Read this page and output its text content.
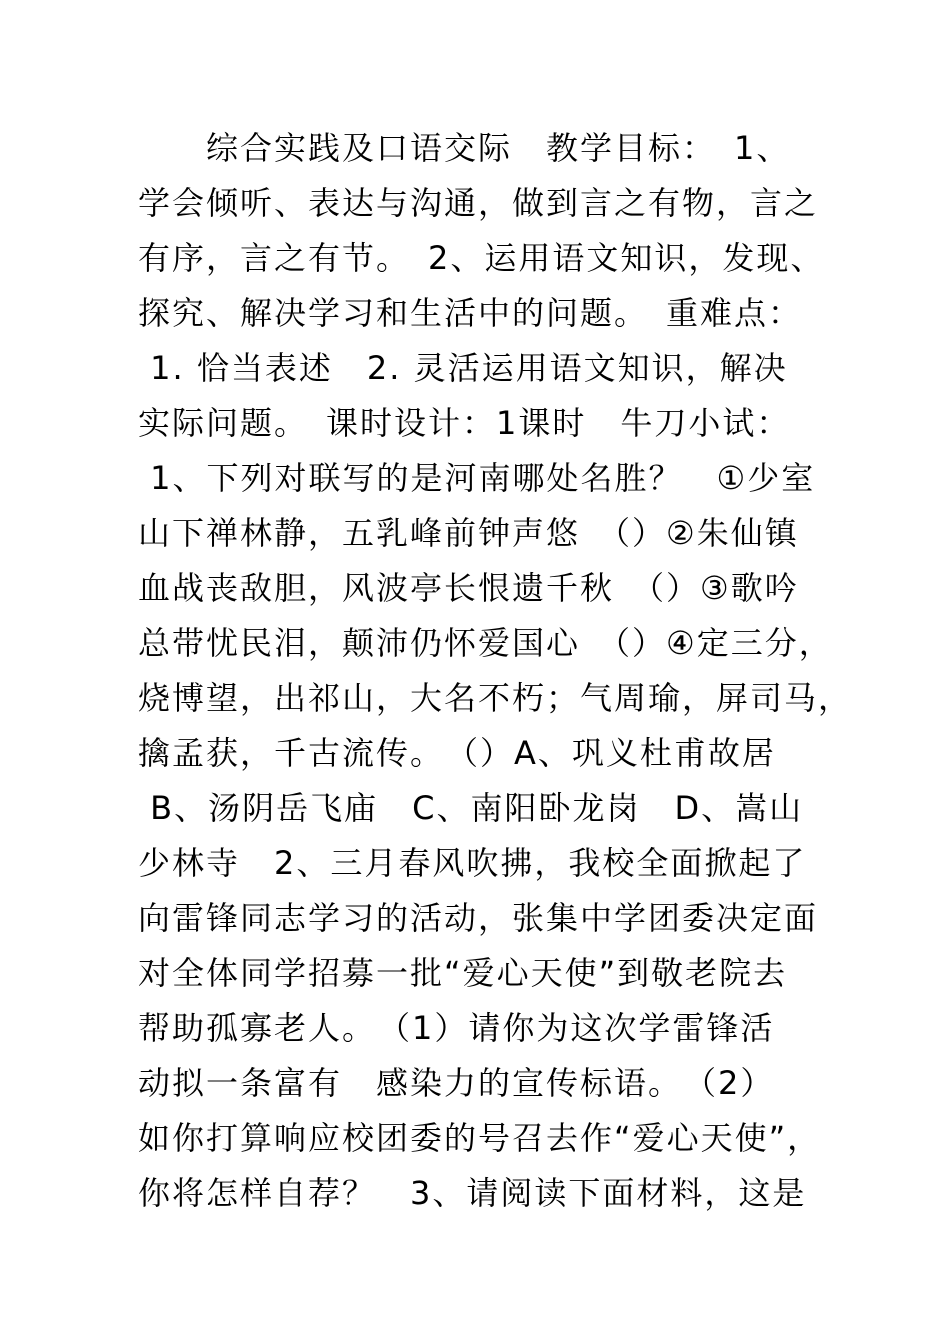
　　综合实践及口语交际　教学目标：　1、
学会倾听、表达与沟通，做到言之有物，言之
有序，言之有节。　2、运用语文知识，发现、
探究、解决学习和生活中的问题。　重难点：
1. 恰当表述　2. 灵活运用语文知识，解决
实际问题。　课时设计：1课时　牛刀小试：
1、下列对联写的是河南哪处名胜？　①少室
山下禅林静，五乳峰前钟声悠　（）②朱仙镇
血战丧敌胆，风波亭长恨遗千秋　（）③歌吟
总带忧民泪，颠沛仍怀爱国心　（）④定三分，
烧博望，出祁山，大名不朽；气周瑜，屏司马，
擒孟获，千古流传。　（）A、巩义杜甫故居
B、汤阴岳飞庙　C、南阳卧龙岗　D、嵩山
少林寺　2、三月春风吹拂，我校全面掀起了
向雷锋同志学习的活动，张集中学团委决定面
对全体同学招募一批“爱心天使”到敬老院去
帮助孤寡老人。　（1）请你为这次学雷锋活
动拟一条富有　感染力的宣传标语。　（2）
如你打算响应校团委的号召去作“爱心天使”，
你将怎样自荐？　3、请阅读下面材料，这是
